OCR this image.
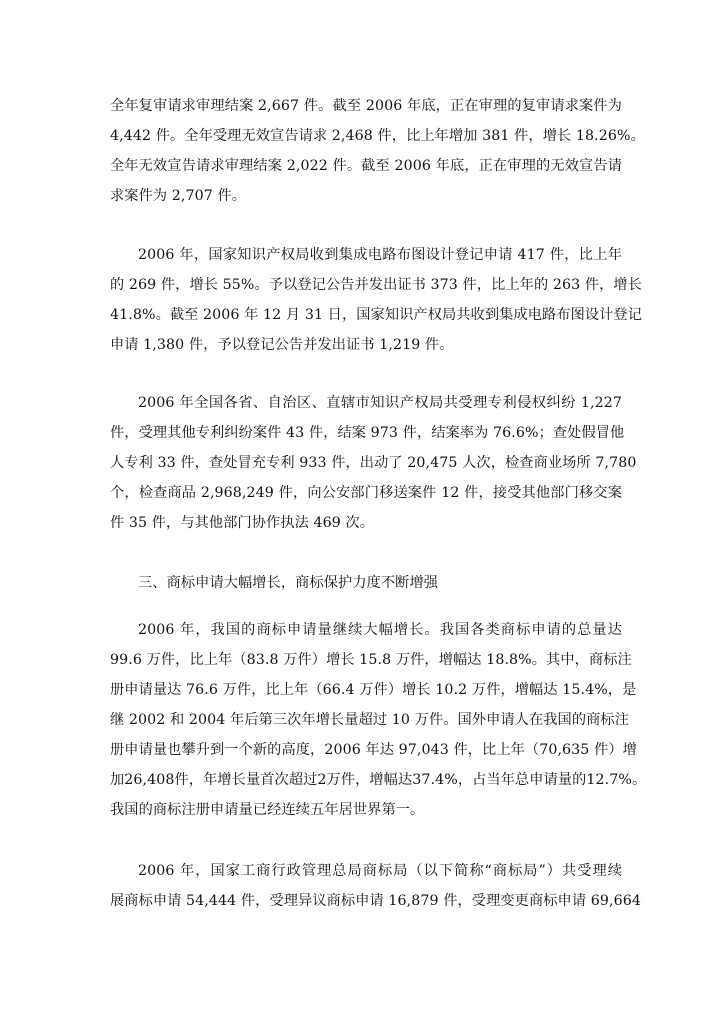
全年复审请求审理结案 2,667 件。截至 2006 年底，正在审理的复审请求案件为
4,442 件。全年受理无效宣告请求 2,468 件，比上年增加 381 件，增长 18.26%。
全年无效宣告请求审理结案 2,022 件。截至 2006 年底，正在审理的无效宣告请
求案件为 2,707 件。
2006 年，国家知识产权局收到集成电路布图设计登记申请 417 件，比上年
的 269 件，增长 55%。予以登记公告并发出证书 373 件，比上年的 263 件，增长
41.8%。截至 2006 年 12 月 31 日，国家知识产权局共收到集成电路布图设计登记
申请 1,380 件，予以登记公告并发出证书 1,219 件。
2006 年全国各省、自治区、直辖市知识产权局共受理专利侵权纠纷 1,227
件，受理其他专利纠纷案件 43 件，结案 973 件，结案率为 76.6%；查处假冒他
人专利 33 件，查处冒充专利 933 件，出动了 20,475 人次，检查商业场所 7,780
个，检查商品 2,968,249 件，向公安部门移送案件 12 件，接受其他部门移交案
件 35 件，与其他部门协作执法 469 次。
三、商标申请大幅增长，商标保护力度不断增强
2006 年，我国的商标申请量继续大幅增长。我国各类商标申请的总量达
99.6 万件，比上年（83.8 万件）增长 15.8 万件，增幅达 18.8%。其中，商标注
册申请量达 76.6 万件，比上年（66.4 万件）增长 10.2 万件，增幅达 15.4%，是
继 2002 和 2004 年后第三次年增长量超过 10 万件。国外申请人在我国的商标注
册申请量也攀升到一个新的高度，2006 年达 97,043 件，比上年（70,635 件）增
加26,408件，年增长量首次超过2万件，增幅达37.4%，占当年总申请量的12.7%。
我国的商标注册申请量已经连续五年居世界第一。
2006 年，国家工商行政管理总局商标局（以下简称“商标局”）共受理续
展商标申请 54,444 件，受理异议商标申请 16,879 件，受理变更商标申请 69,664
